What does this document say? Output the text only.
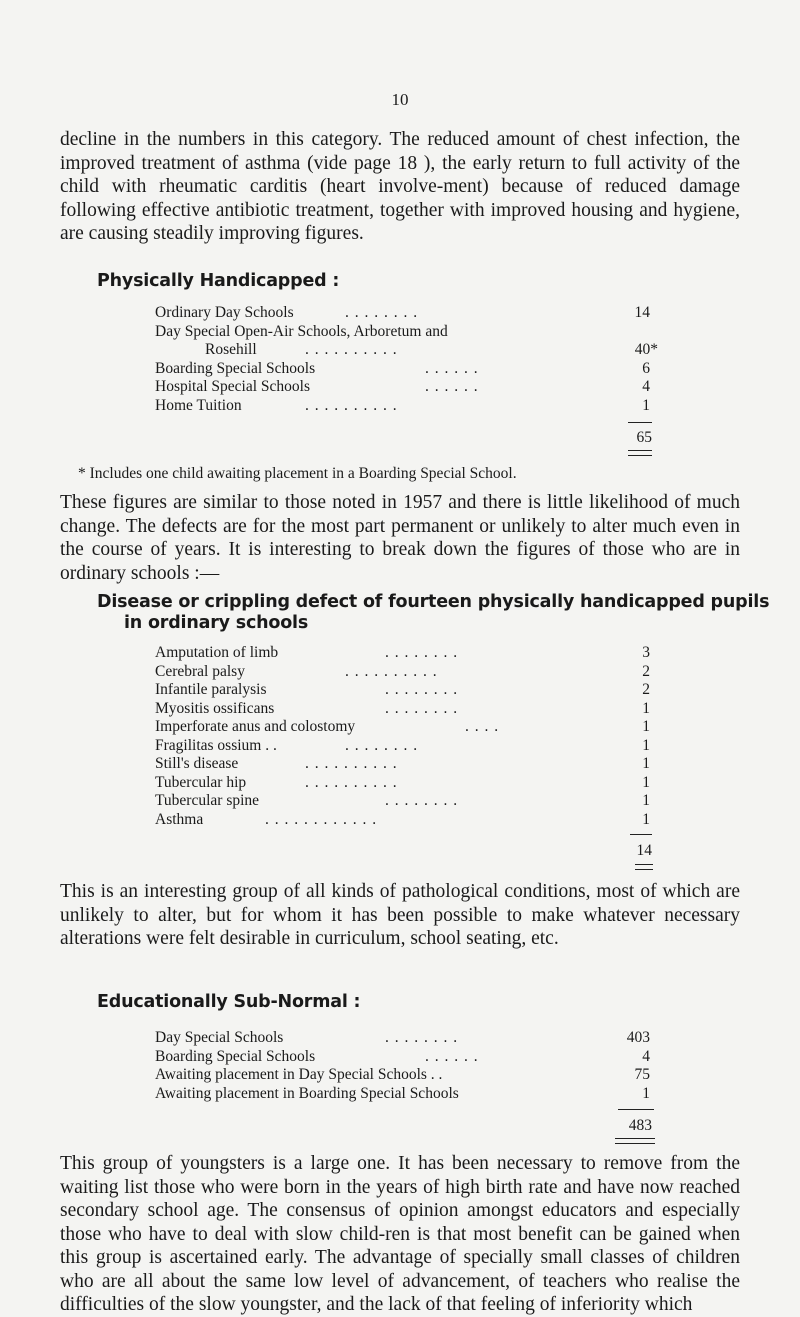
10

decline in the numbers in this category. The reduced amount of chest infection, the improved treatment of asthma (vide page 18 ), the early return to full activity of the child with rheumatic carditis (heart involve-ment) because of reduced damage following effective antibiotic treatment, together with improved housing and hygiene, are causing steadily improving figures.

Physically Handicapped :

Ordinary Day Schools	. . . . . . . .	14
Day Special Open-Air Schools, Arboretum and
Rosehill	. . . . . . . . . .	40*
Boarding Special Schools	. . . . . .	6
Hospital Special Schools	. . . . . .	4
Home Tuition	. . . . . . . . . .	1
65
* Includes one child awaiting placement in a Boarding Special School.

These figures are similar to those noted in 1957 and there is little likelihood of much change. The defects are for the most part permanent or unlikely to alter much even in the course of years. It is interesting to break down the figures of those who are in ordinary schools :—

Disease or crippling defect of fourteen physically handicapped pupils

in ordinary schools

Amputation of limb	. . . . . . . .	3
Cerebral palsy	. . . . . . . . . .	2
Infantile paralysis	. . . . . . . .	2
Myositis ossificans	. . . . . . . .	1
Imperforate anus and colostomy	. . . .	1
Fragilitas ossium . .	. . . . . . . .	1
Still's disease	. . . . . . . . . .	1
Tubercular hip	. . . . . . . . . .	1
Tubercular spine	. . . . . . . .	1
Asthma	. . . . . . . . . . . .	1
14

This is an interesting group of all kinds of pathological conditions, most of which are unlikely to alter, but for whom it has been possible to make whatever necessary alterations were felt desirable in curriculum, school seating, etc.

Educationally Sub-Normal :

Day Special Schools	. . . . . . . .	403
Boarding Special Schools	. . . . . .	4
Awaiting placement in Day Special Schools . .	75
Awaiting placement in Boarding Special Schools	1
483

This group of youngsters is a large one. It has been necessary to remove from the waiting list those who were born in the years of high birth rate and have now reached secondary school age. The consensus of opinion amongst educators and especially those who have to deal with slow child-ren is that most benefit can be gained when this group is ascertained early. The advantage of specially small classes of children who are all about the same low level of advancement, of teachers who realise the difficulties of the slow youngster, and the lack of that feeling of inferiority which
